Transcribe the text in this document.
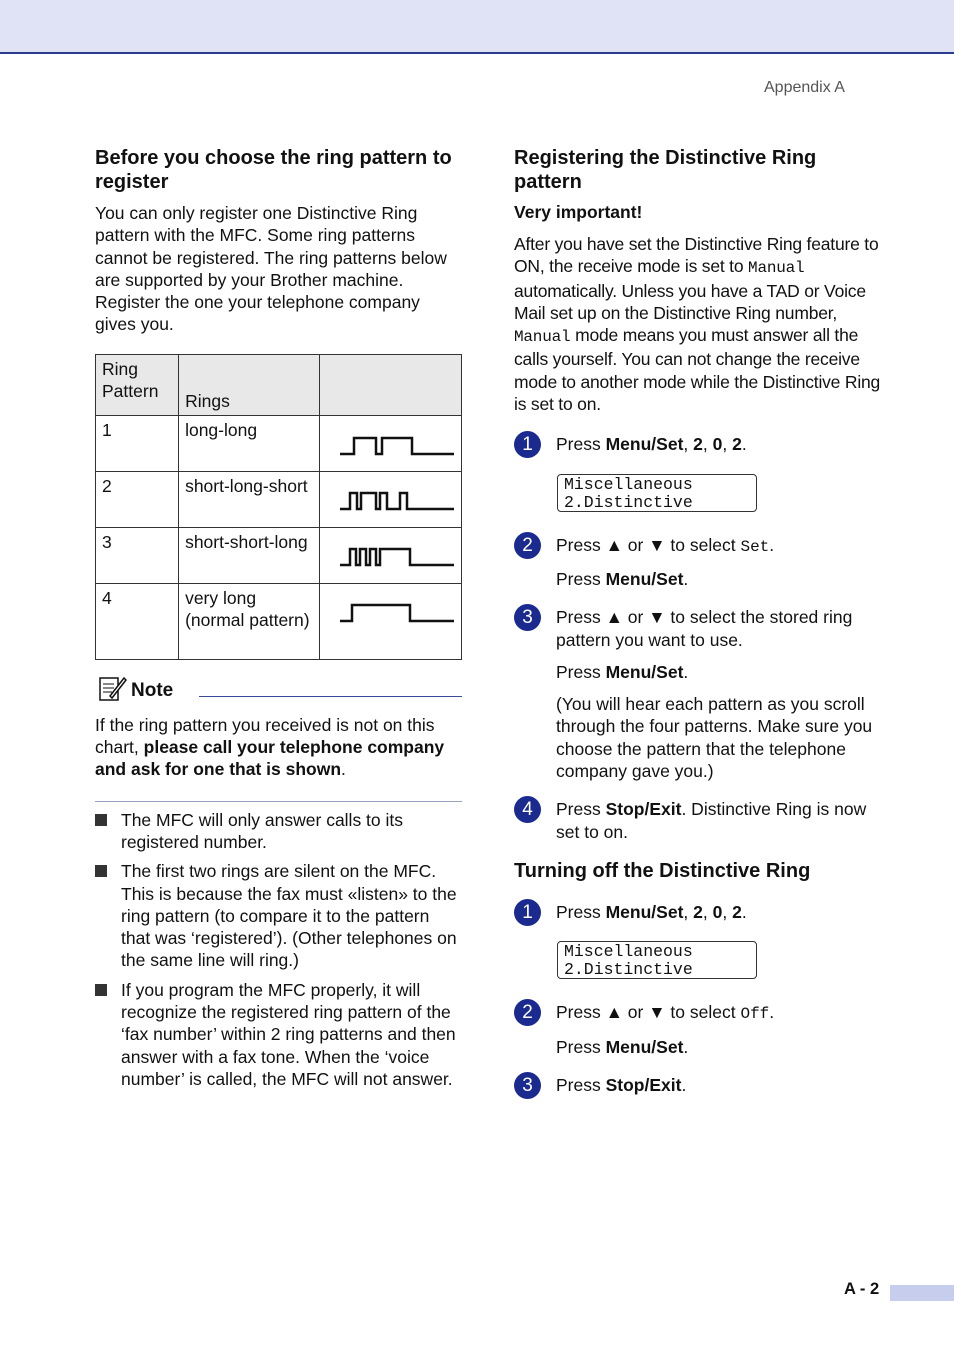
Appendix A
Before you choose the ring pattern to register

You can only register one Distinctive Ring pattern with the MFC. Some ring patterns cannot be registered. The ring patterns below are supported by your Brother machine. Register the one your telephone company gives you.

Ring Pattern	Rings	
1	long-long	
2	short-long-short	
3	short-short-long	
4	very long (normal pattern)	
Note

If the ring pattern you received is not on this chart, please call your telephone company and ask for one that is shown.

The MFC will only answer calls to its registered number.
The first two rings are silent on the MFC. This is because the fax must «listen» to the ring pattern (to compare it to the pattern that was ‘registered’). (Other telephones on the same line will ring.)
If you program the MFC properly, it will recognize the registered ring pattern of the ‘fax number’ within 2 ring patterns and then answer with a fax tone. When the ‘voice number’ is called, the MFC will not answer.
Registering the Distinctive Ring pattern
Very important!

After you have set the Distinctive Ring feature to ON, the receive mode is set to Manual automatically. Unless you have a TAD or Voice Mail set up on the Distinctive Ring number, Manual mode means you must answer all the calls yourself. You can not change the receive mode to another mode while the Distinctive Ring is set to on.

1	Press Menu/Set, 2, 0, 2.

Miscellaneous
2.Distinctive
2	Press ▲ or ▼ to select Set.

Press Menu/Set.

3	Press ▲ or ▼ to select the stored ring pattern you want to use.

Press Menu/Set.

(You will hear each pattern as you scroll through the four patterns. Make sure you choose the pattern that the telephone company gave you.)

4	Press Stop/Exit. Distinctive Ring is now set to on.

Turning off the Distinctive Ring
1	Press Menu/Set, 2, 0, 2.

Miscellaneous
2.Distinctive
2	Press ▲ or ▼ to select Off.

Press Menu/Set.

3	Press Stop/Exit.

A - 2
